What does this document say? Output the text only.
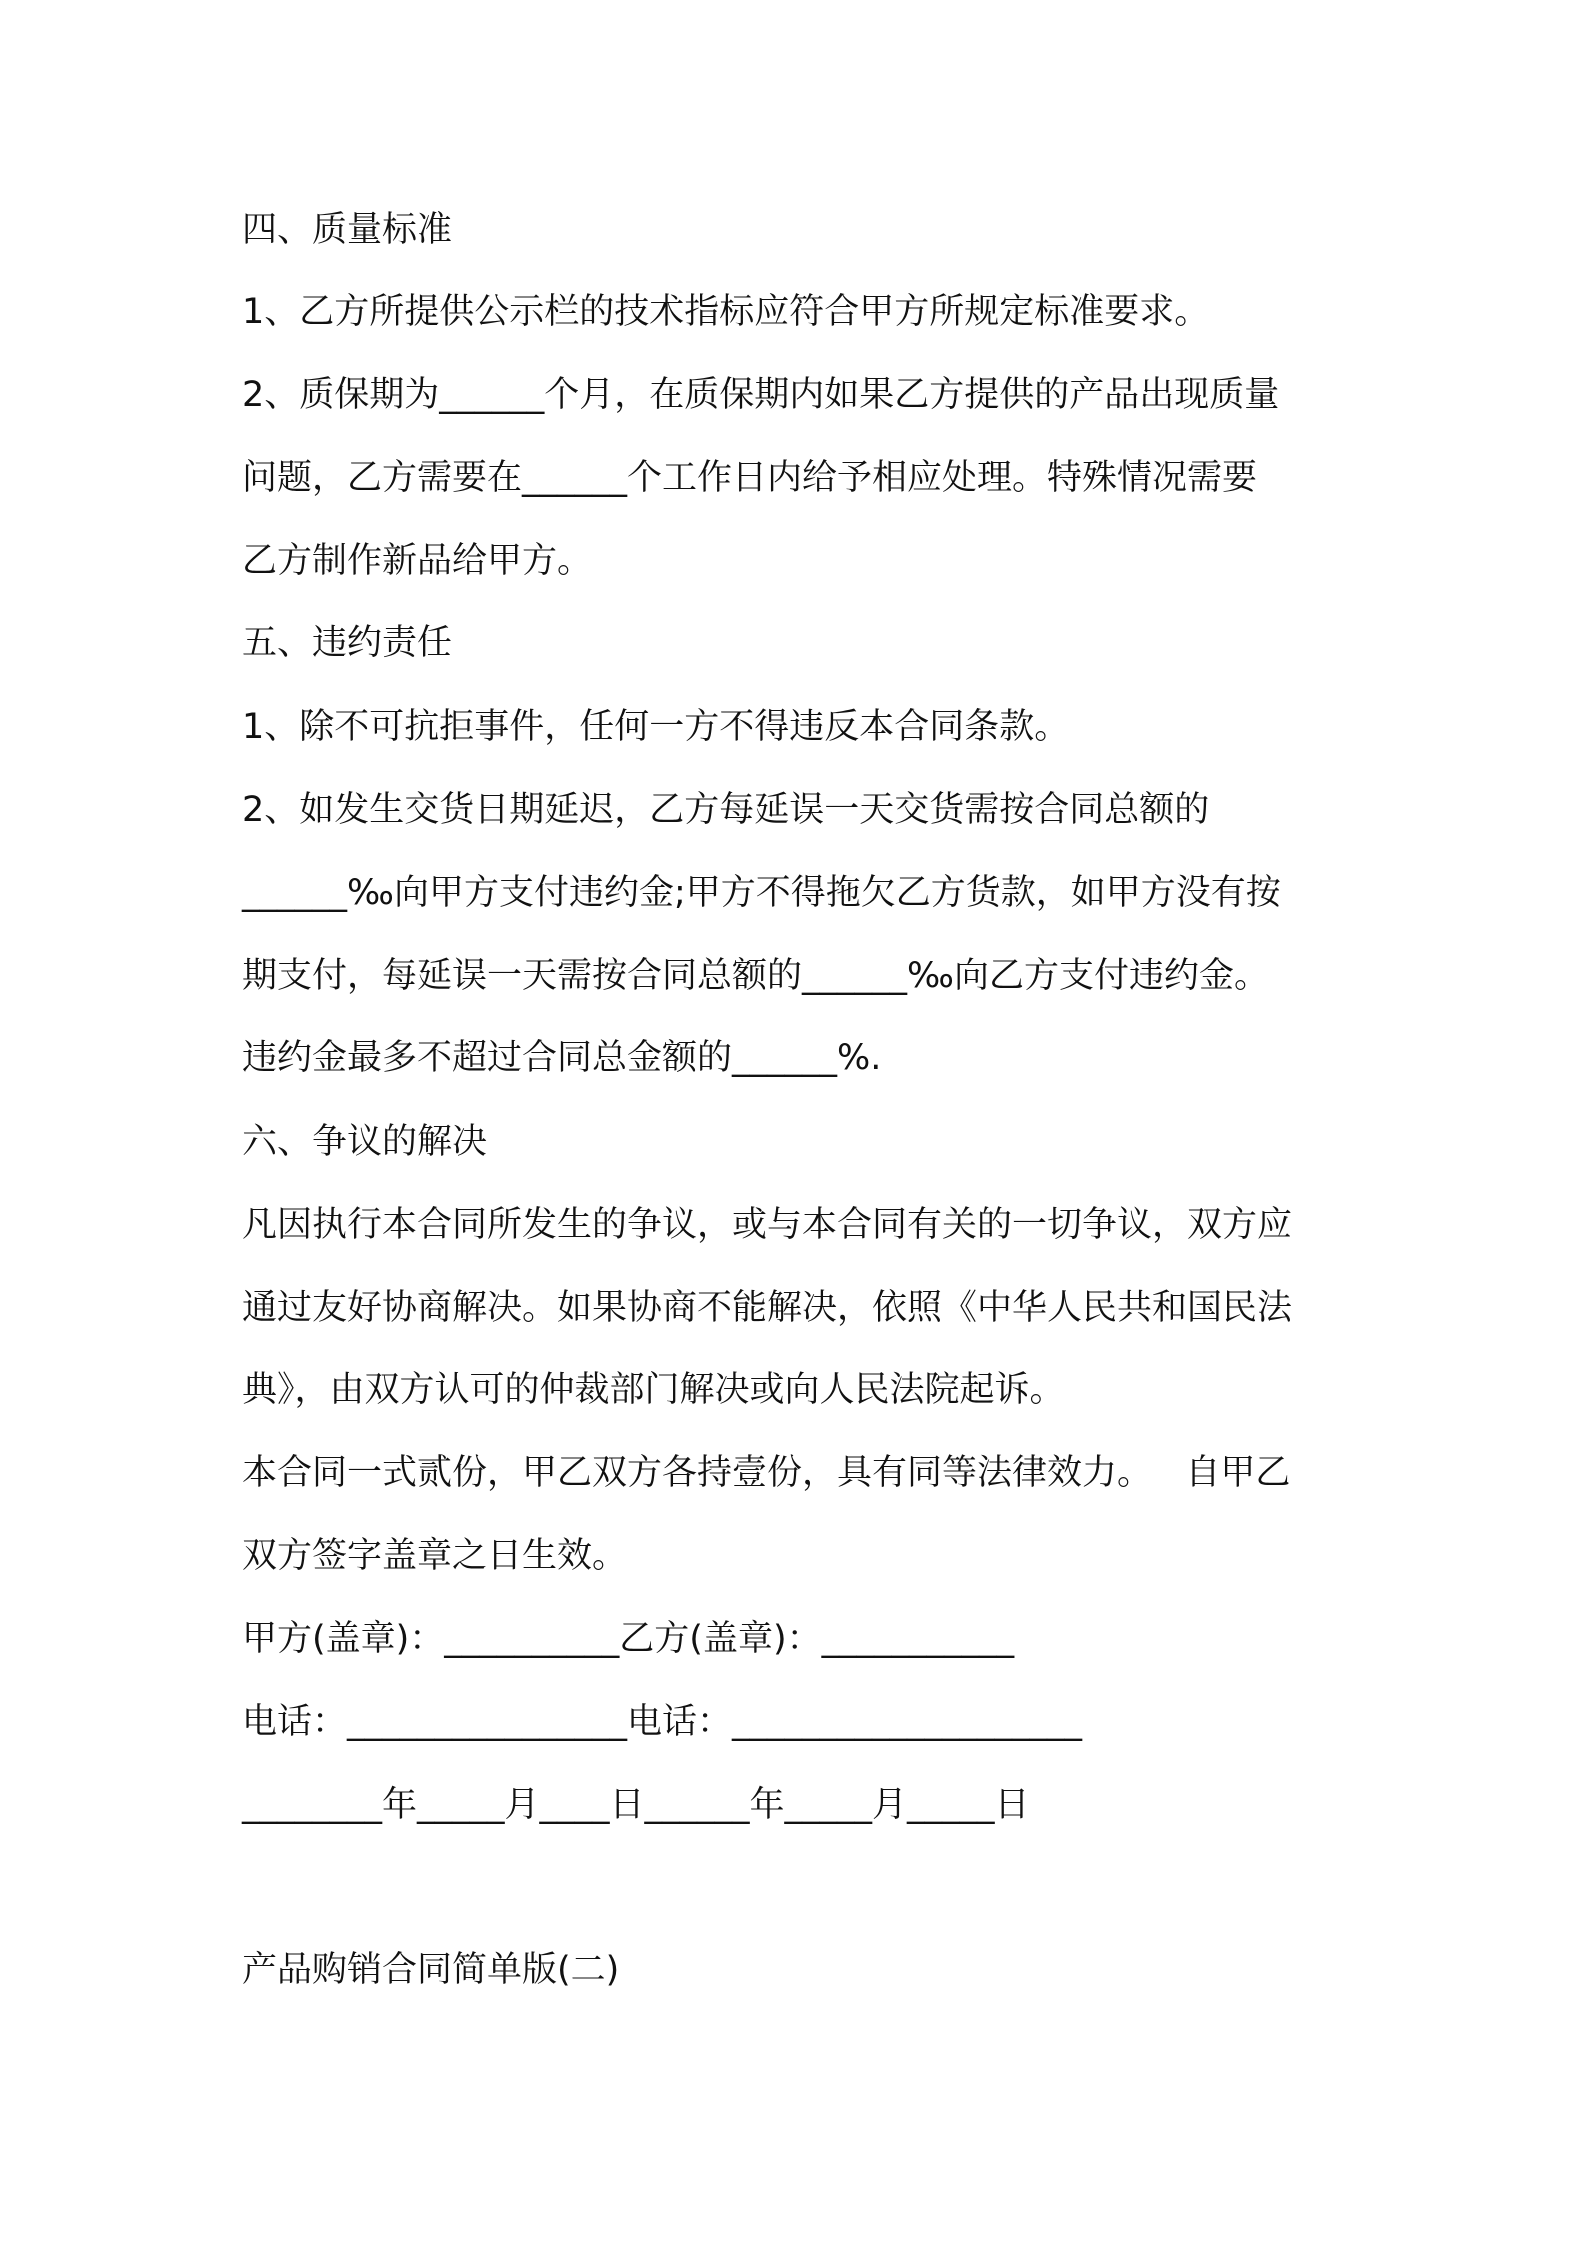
四、质量标准
1、乙方所提供公示栏的技术指标应符合甲方所规定标准要求。
2、质保期为______个月，在质保期内如果乙方提供的产品出现质量
问题，乙方需要在______个工作日内给予相应处理。特殊情况需要
乙方制作新品给甲方。
五、违约责任
1、除不可抗拒事件，任何一方不得违反本合同条款。
2、如发生交货日期延迟，乙方每延误一天交货需按合同总额的
______‰向甲方支付违约金;甲方不得拖欠乙方货款，如甲方没有按
期支付，每延误一天需按合同总额的______‰向乙方支付违约金。
违约金最多不超过合同总金额的______%.
六、争议的解决
凡因执行本合同所发生的争议，或与本合同有关的一切争议，双方应
通过友好协商解决。如果协商不能解决，依照《中华人民共和国民法
典》，由双方认可的仲裁部门解决或向人民法院起诉。
本合同一式贰份，甲乙双方各持壹份，具有同等法律效力。   自甲乙
双方签字盖章之日生效。
甲方(盖章)：__________乙方(盖章)：___________
电话：________________电话：____________________
________年_____月____日______年_____月_____日
产品购销合同简单版(二)
